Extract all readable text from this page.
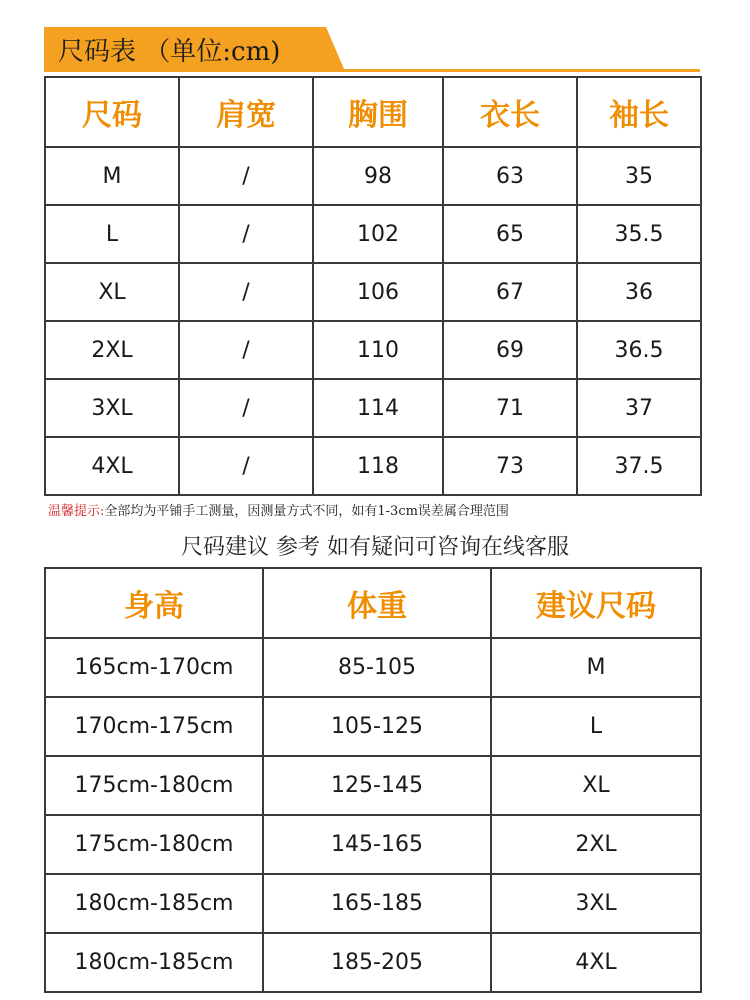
尺码表 （单位:cm)
尺码	肩宽	胸围	衣长	袖长
M	/	98	63	35
L	/	102	65	35.5
XL	/	106	67	36
2XL	/	110	69	36.5
3XL	/	114	71	37
4XL	/	118	73	37.5
温馨提示:全部均为平铺手工测量，因测量方式不同，如有1-3cm误差属合理范围
尺码建议 参考 如有疑问可咨询在线客服
身高	体重	建议尺码
165cm-170cm	85-105	M
170cm-175cm	105-125	L
175cm-180cm	125-145	XL
175cm-180cm	145-165	2XL
180cm-185cm	165-185	3XL
180cm-185cm	185-205	4XL
